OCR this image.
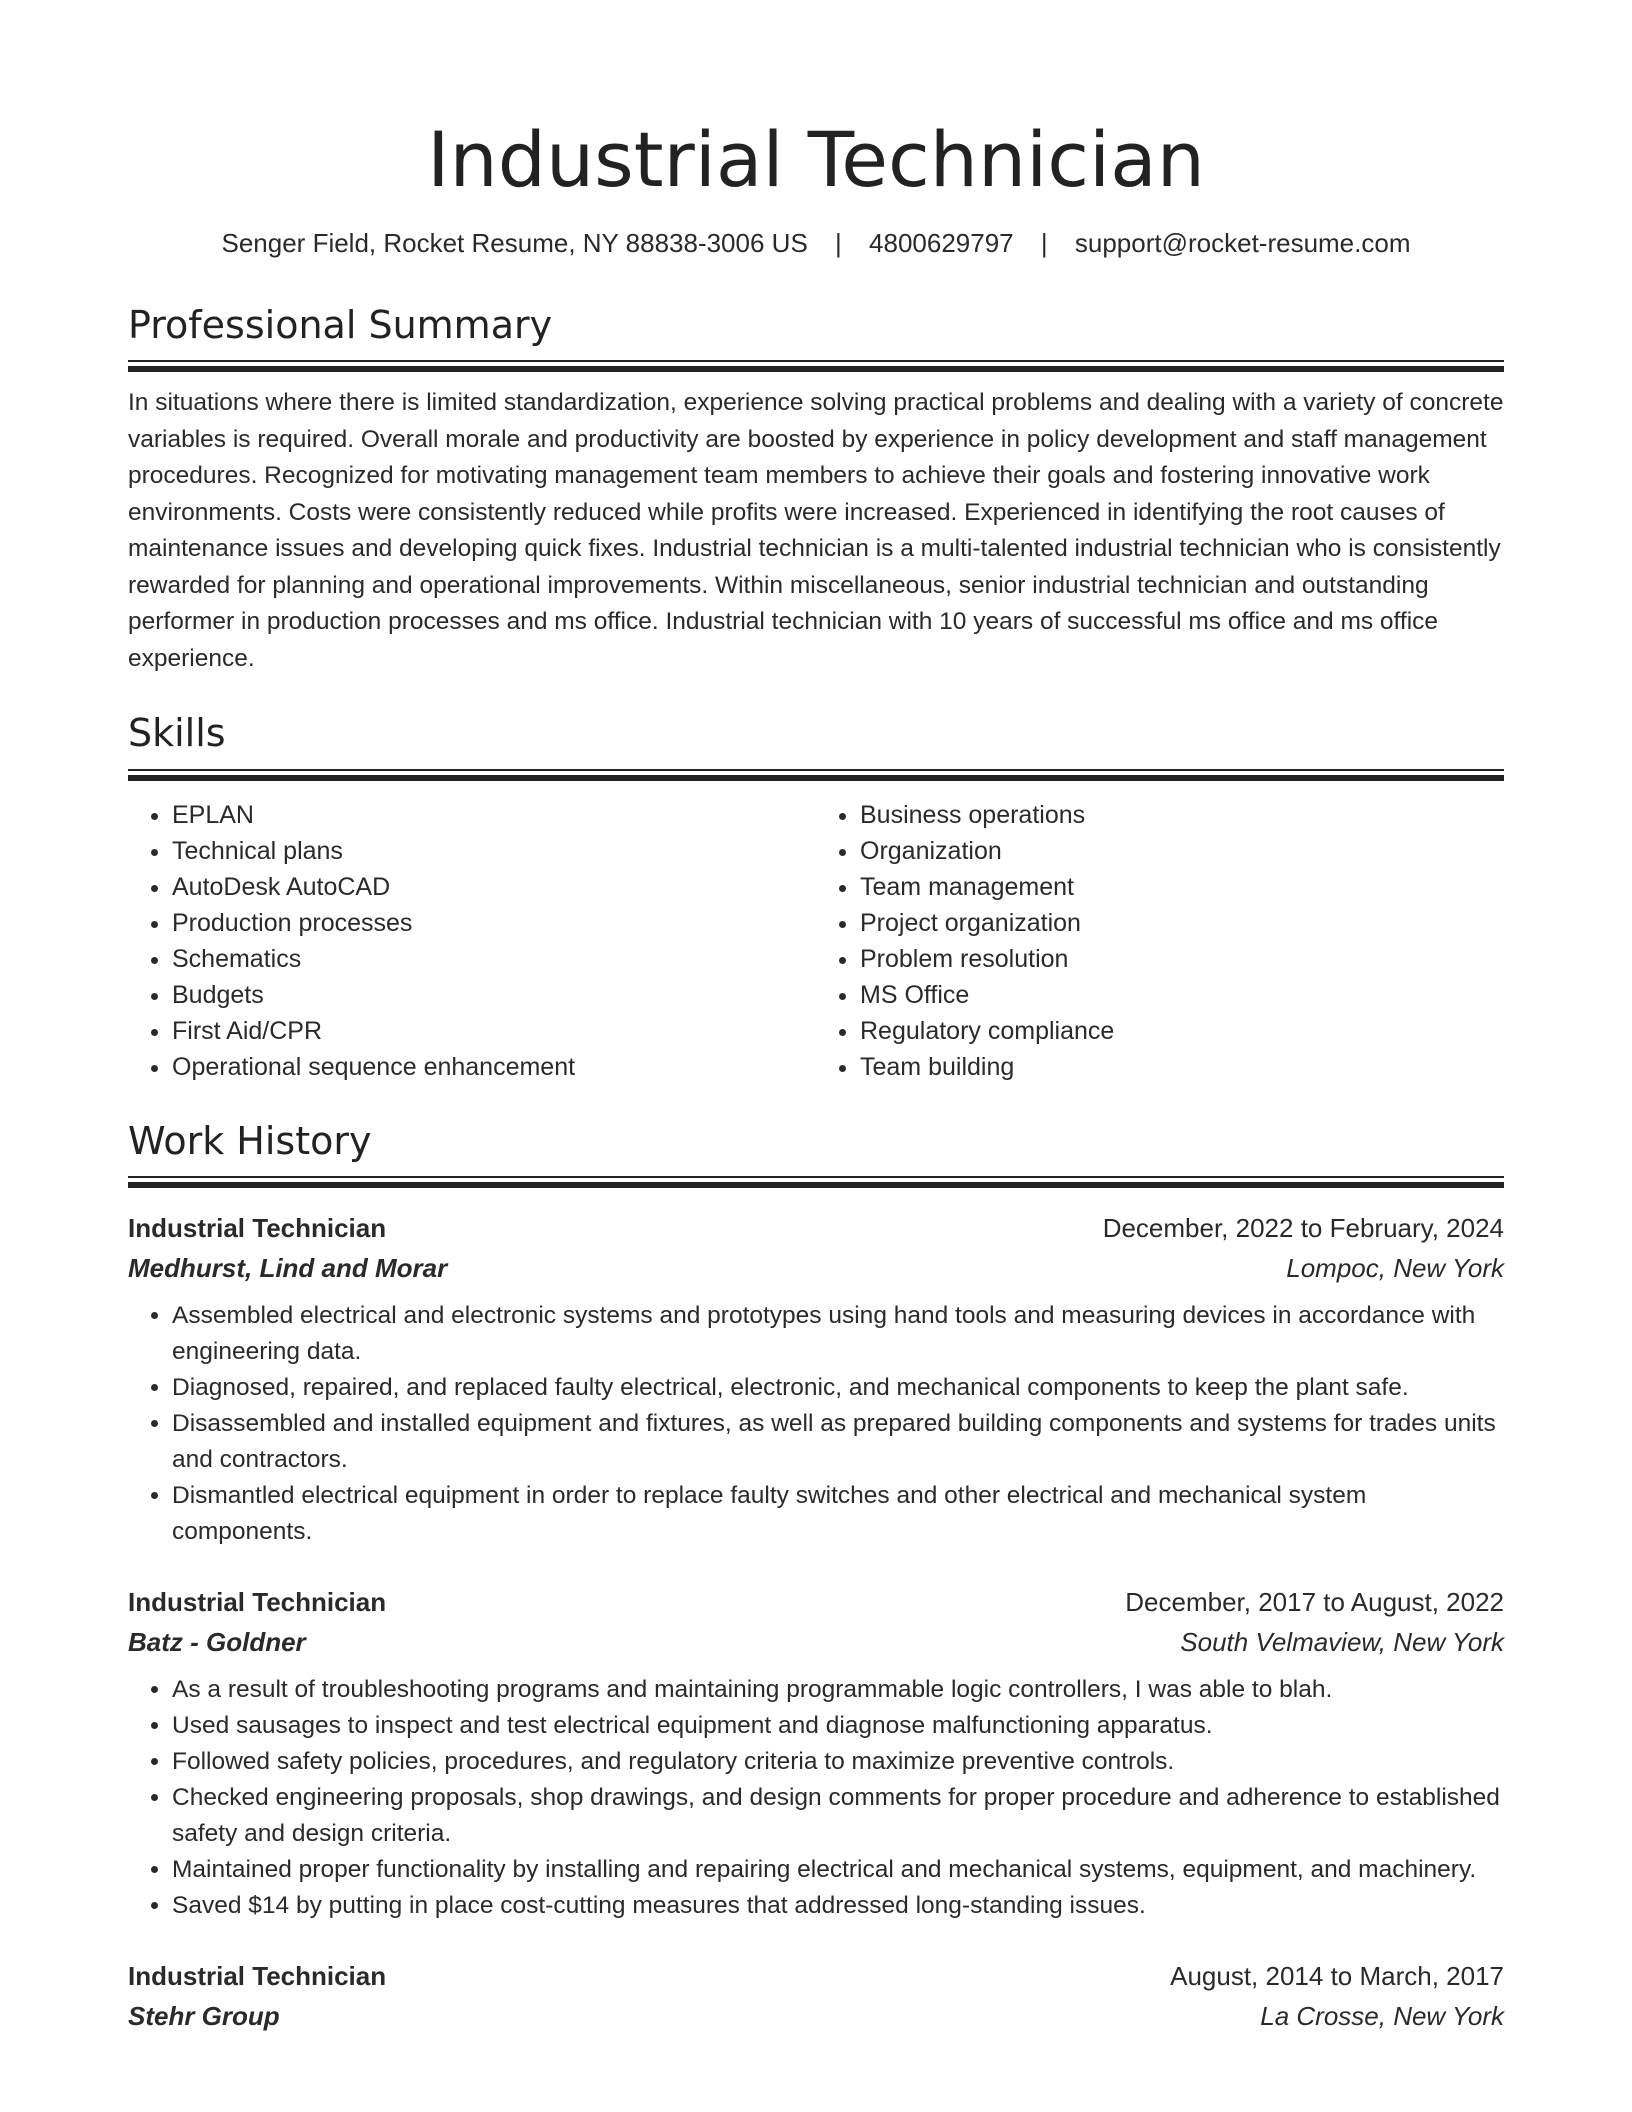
Industrial Technician
Senger Field, Rocket Resume, NY 88838-3006 US | 4800629797 | support@rocket-resume.com
Professional Summary

In situations where there is limited standardization, experience solving practical problems and dealing with a variety of concrete variables is required. Overall morale and productivity are boosted by experience in policy development and staff management procedures. Recognized for motivating management team members to achieve their goals and fostering innovative work environments. Costs were consistently reduced while profits were increased. Experienced in identifying the root causes of maintenance issues and developing quick fixes. Industrial technician is a multi-talented industrial technician who is consistently rewarded for planning and operational improvements. Within miscellaneous, senior industrial technician and outstanding performer in production processes and ms office. Industrial technician with 10 years of successful ms office and ms office experience.

Skills
• EPLAN
• Technical plans
• AutoDesk AutoCAD
• Production processes
• Schematics
• Budgets
• First Aid/CPR
• Operational sequence enhancement
• Business operations
• Organization
• Team management
• Project organization
• Problem resolution
• MS Office
• Regulatory compliance
• Team building
Work History
Industrial Technician	December, 2022 to February, 2024
Medhurst, Lind and Morar	Lompoc, New York
• Assembled electrical and electronic systems and prototypes using hand tools and measuring devices in accordance with engineering data.
• Diagnosed, repaired, and replaced faulty electrical, electronic, and mechanical components to keep the plant safe.
• Disassembled and installed equipment and fixtures, as well as prepared building components and systems for trades units and contractors.
• Dismantled electrical equipment in order to replace faulty switches and other electrical and mechanical system components.
Industrial Technician	December, 2017 to August, 2022
Batz - Goldner	South Velmaview, New York
• As a result of troubleshooting programs and maintaining programmable logic controllers, I was able to blah.
• Used sausages to inspect and test electrical equipment and diagnose malfunctioning apparatus.
• Followed safety policies, procedures, and regulatory criteria to maximize preventive controls.
• Checked engineering proposals, shop drawings, and design comments for proper procedure and adherence to established safety and design criteria.
• Maintained proper functionality by installing and repairing electrical and mechanical systems, equipment, and machinery.
• Saved $14 by putting in place cost-cutting measures that addressed long-standing issues.
Industrial Technician	August, 2014 to March, 2017
Stehr Group	La Crosse, New York
